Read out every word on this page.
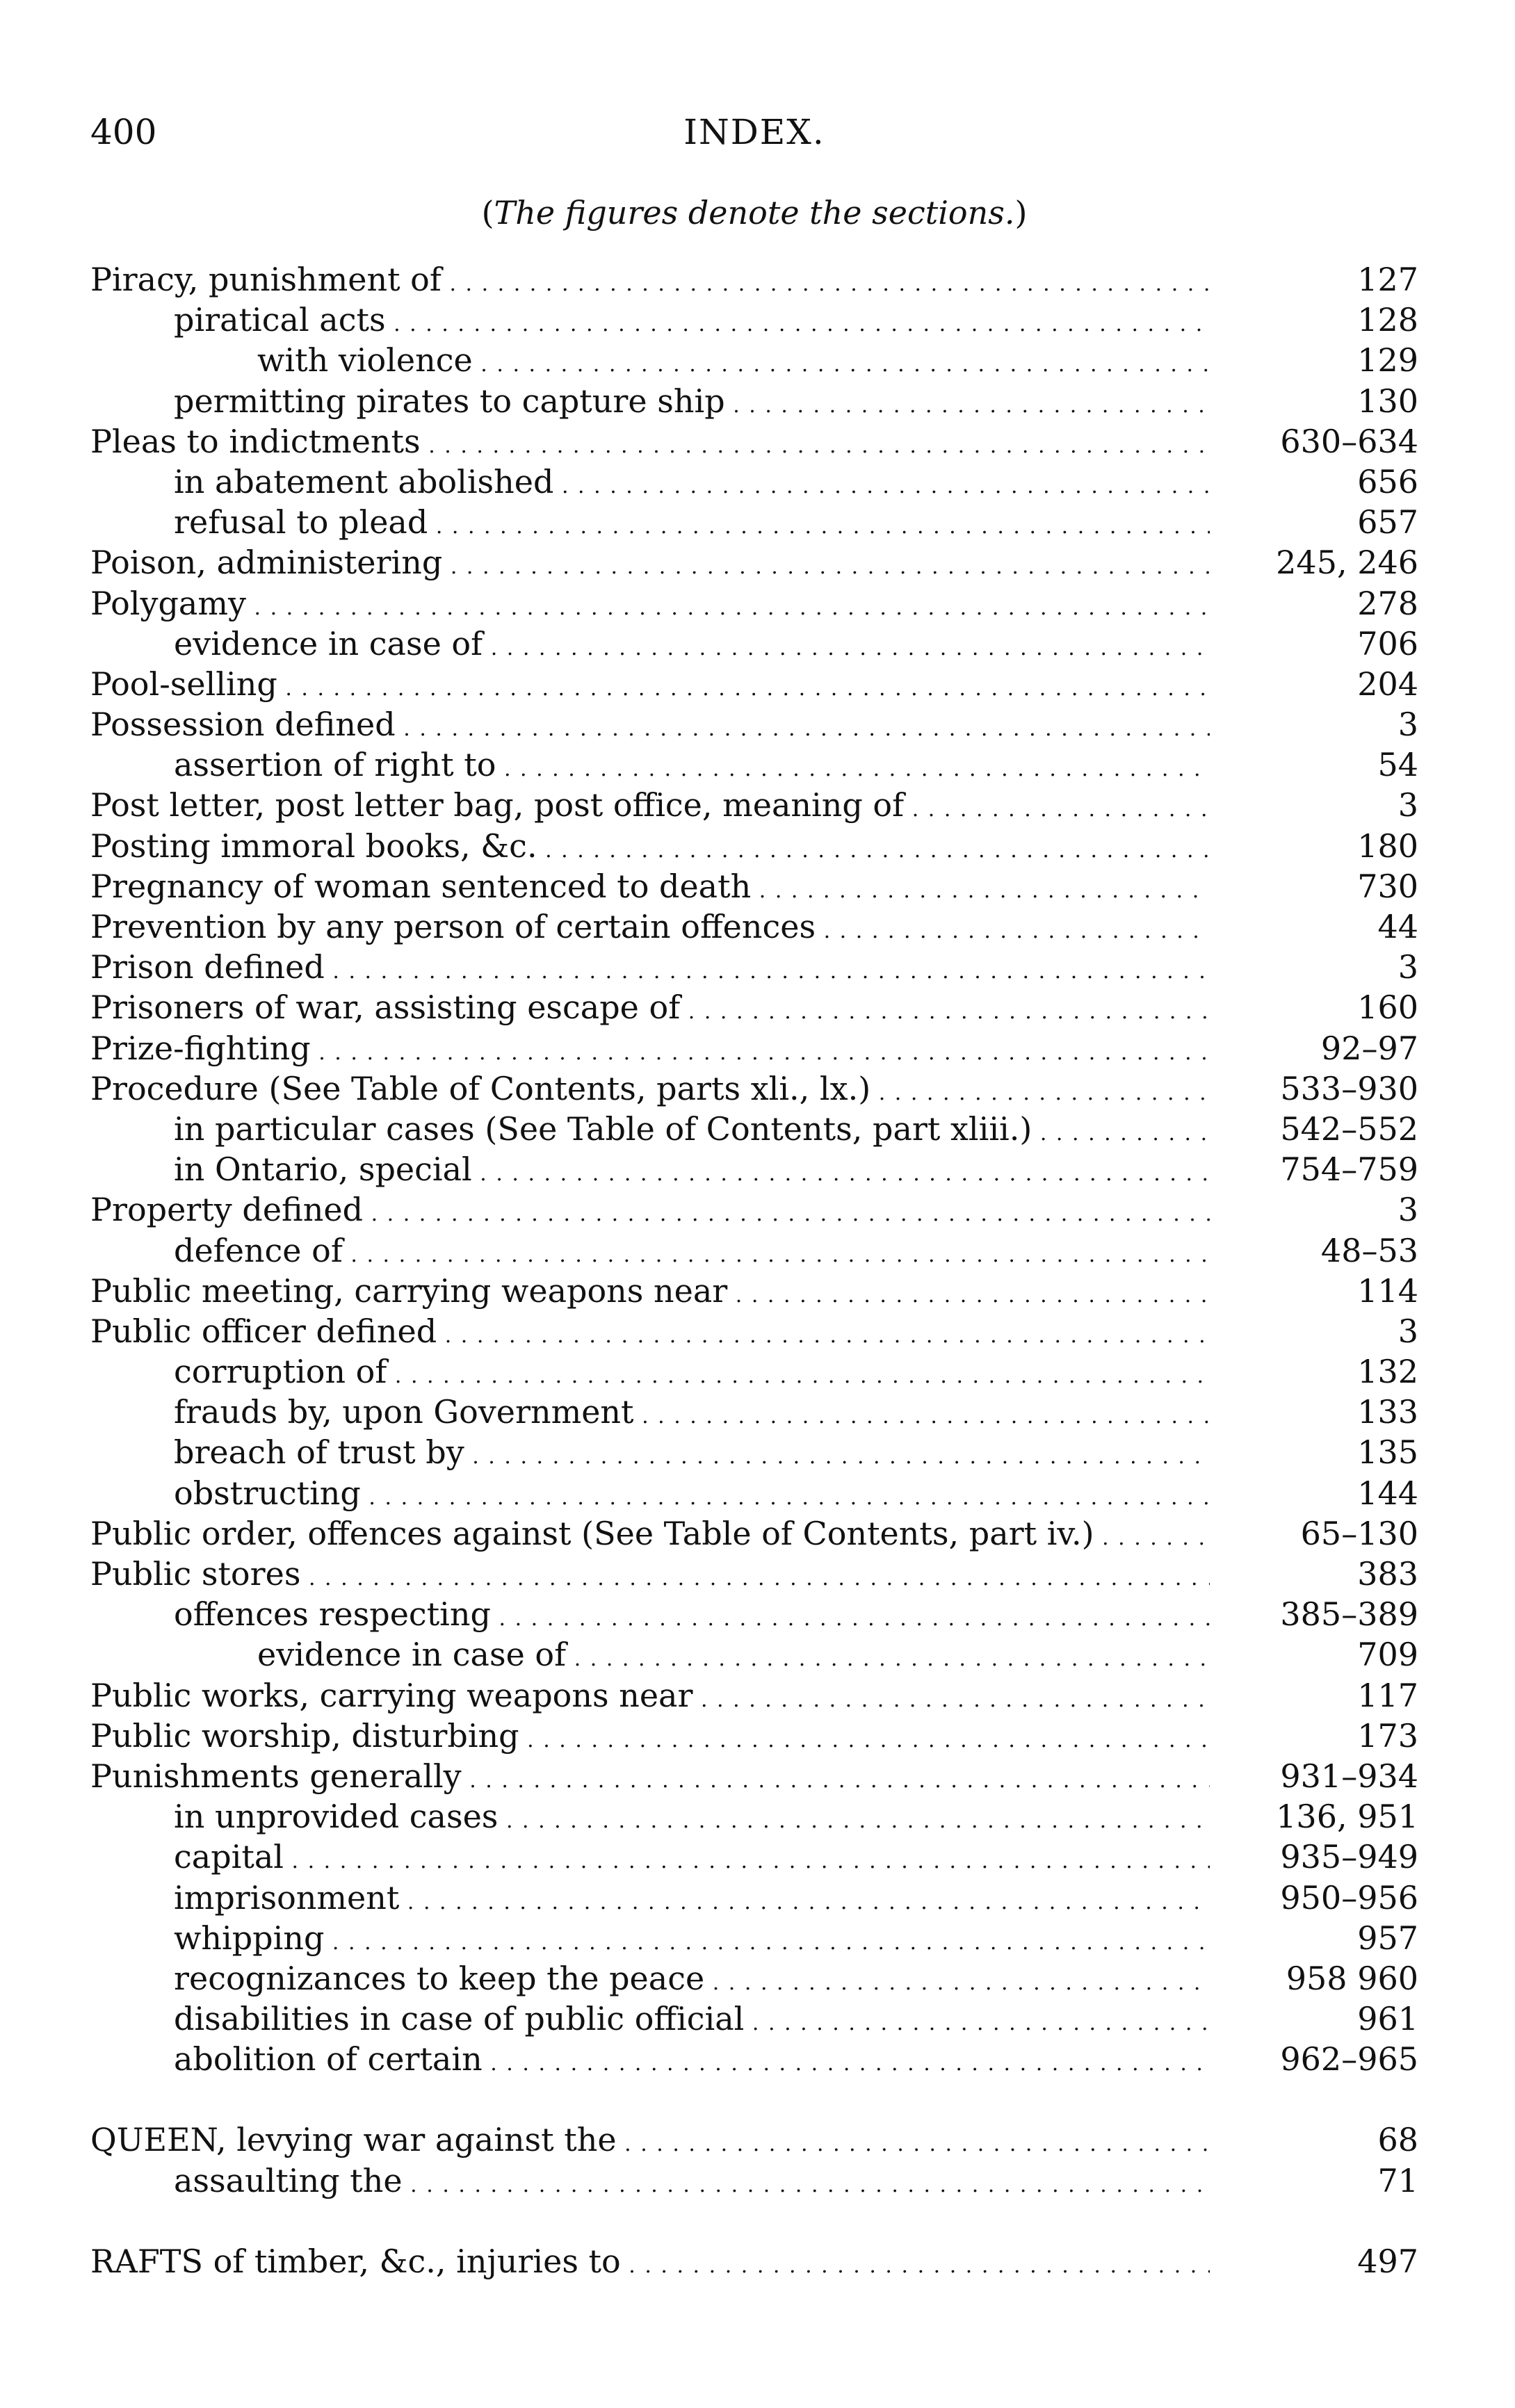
400	INDEX.
(The figures denote the sections.)
Piracy, punishment of . . .	127
piratical acts . . .	128
with violence . . .	129
permitting pirates to capture ship . . .	130
Pleas to indictments . . .	630–634
in abatement abolished . . .	656
refusal to plead . . .	657
Poison, administering . . .	245, 246
Polygamy . . .	278
evidence in case of . . .	706
Pool-selling . . .	204
Possession defined . . .	3
assertion of right to . . .	54
Post letter, post letter bag, post office, meaning of . . .	3
Posting immoral books, &c. . . .	180
Pregnancy of woman sentenced to death . . .	730
Prevention by any person of certain offences . . .	44
Prison defined . . .	3
Prisoners of war, assisting escape of . . .	160
Prize-fighting . . .	92–97
Procedure (See Table of Contents, parts xli., lx.) . . .	533–930
in particular cases (See Table of Contents, part xliii.) . . .	542–552
in Ontario, special . . .	754–759
Property defined . . .	3
defence of . . .	48–53
Public meeting, carrying weapons near . . .	114
Public officer defined . . .	3
corruption of . . .	132
frauds by, upon Government . . .	133
breach of trust by . . .	135
obstructing . . .	144
Public order, offences against (See Table of Contents, part iv.) . . .	65–130
Public stores . . .	383
offences respecting . . .	385–389
evidence in case of . . .	709
Public works, carrying weapons near . . .	117
Public worship, disturbing . . .	173
Punishments generally . . .	931–934
in unprovided cases . . .	136, 951
capital . . .	935–949
imprisonment . . .	950–956
whipping . . .	957
recognizances to keep the peace . . .	958 960
disabilities in case of public official . . .	961
abolition of certain . . .	962–965
QUEEN, levying war against the . . .	68
assaulting the . . .	71
RAFTS of timber, &c., injuries to . . .	497
